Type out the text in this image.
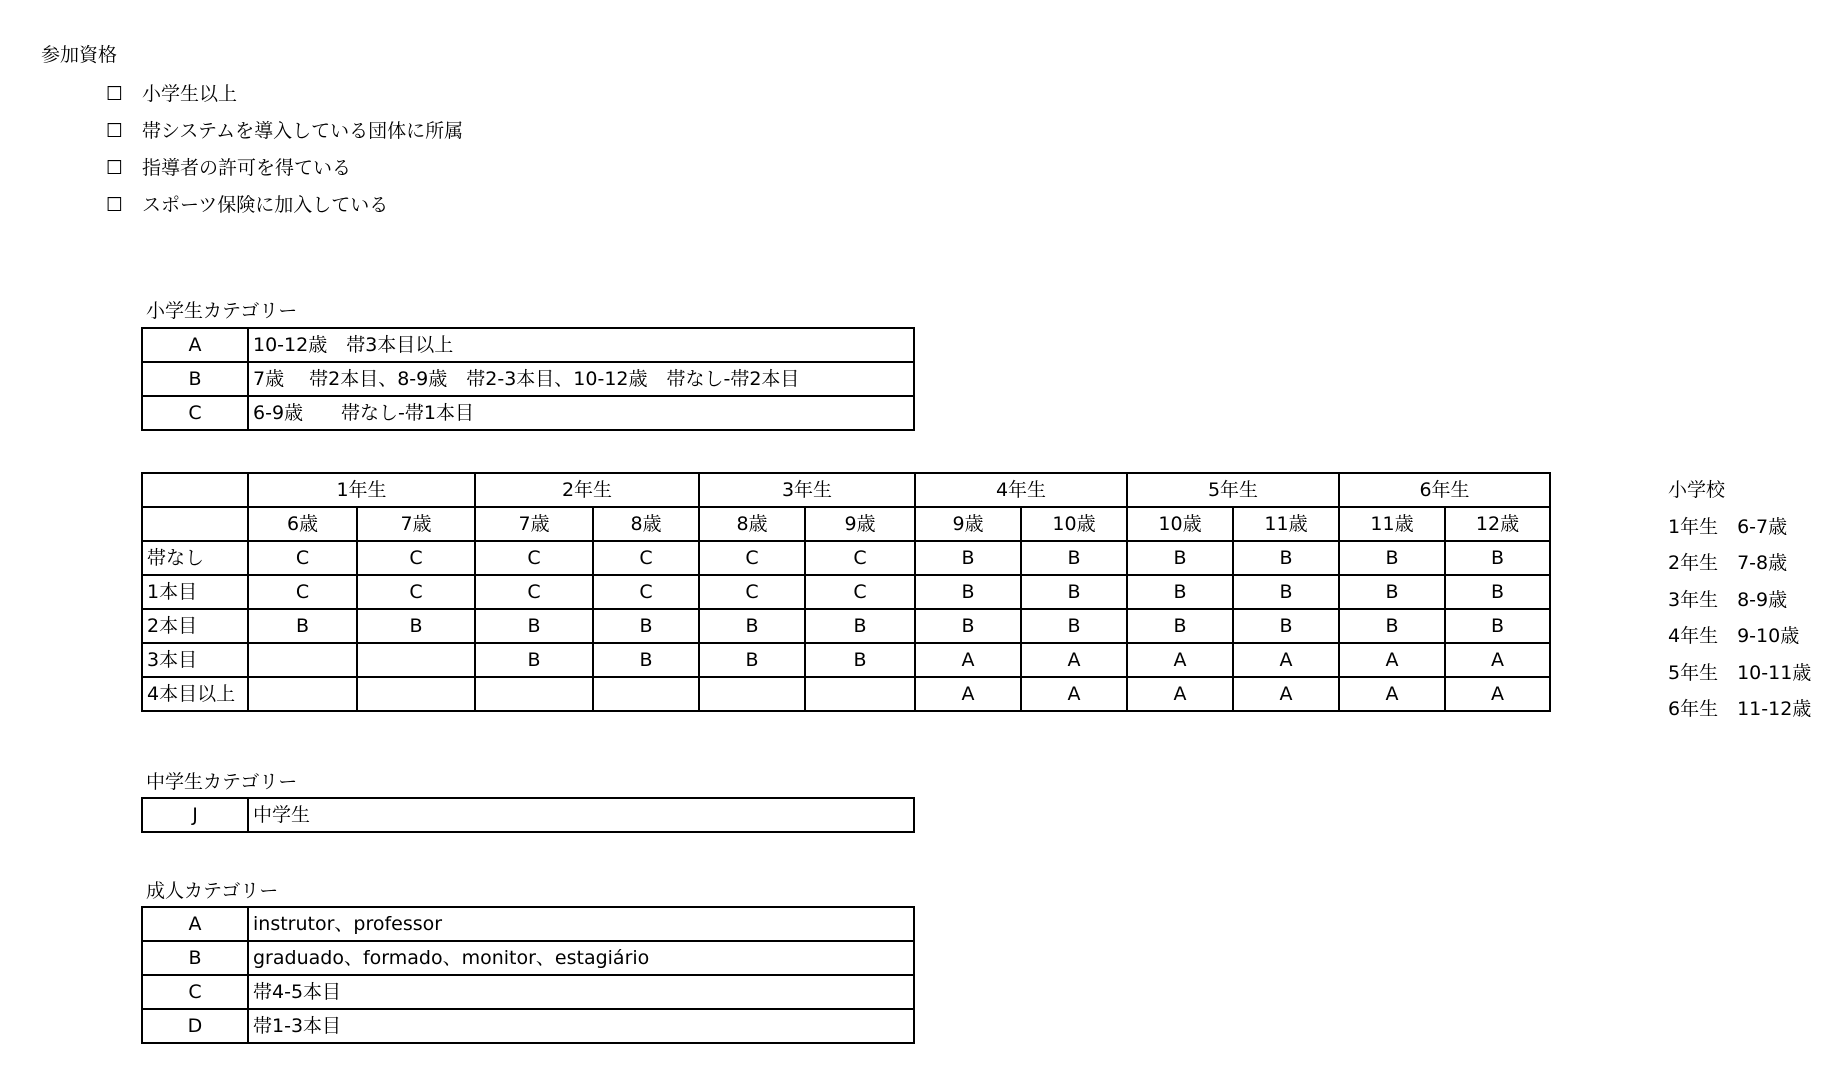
参加資格
☐ 小学生以上
☐ 帯システムを導入している団体に所属
☐ 指導者の許可を得ている
☐ スポーツ保険に加入している
小学生カテゴリー
A	10-12歳　帯3本目以上
B	7歳　 帯2本目、8-9歳　帯2-3本目、10-12歳　帯なし-帯2本目
C	6-9歳　　帯なし-帯1本目
	1年生		2年生		3年生		4年生		5年生		6年生	
	6歳	7歳	7歳	8歳	8歳	9歳	9歳	10歳	10歳	11歳	11歳	12歳
帯なし	C	C	C	C	C	C	B	B	B	B	B	B
1本目	C	C	C	C	C	C	B	B	B	B	B	B
2本目	B	B	B	B	B	B	B	B	B	B	B	B
3本目			B	B	B	B	A	A	A	A	A	A
4本目以上							A	A	A	A	A	A
小学校
1年生　6-7歳
2年生　7-8歳
3年生　8-9歳
4年生　9-10歳
5年生　10-11歳
6年生　11-12歳
中学生カテゴリー
J	中学生
成人カテゴリー
A	instrutor、professor
B	graduado、formado、monitor、estagiário
C	帯4-5本目
D	帯1-3本目
